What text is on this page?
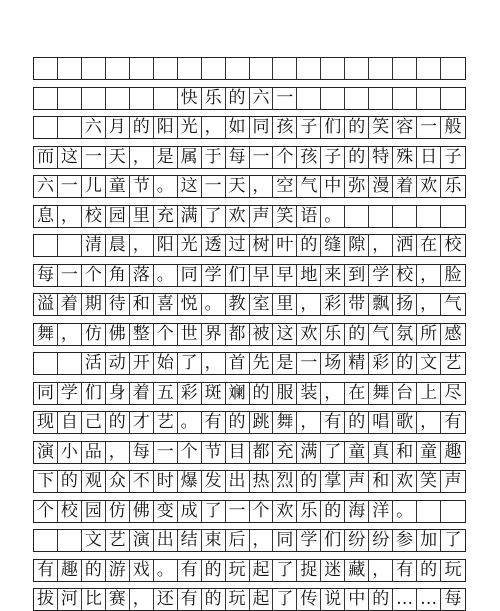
快 乐 的 六 一
六 月 的 阳 光 ， 如 同 孩 子 们 的 笑 容 一 般
而 这 一 天 ， 是 属 于 每 一 个 孩 子 的 特 殊 日 子
六 一 儿 童 节 。 这 一 天 ， 空 气 中 弥 漫 着 欢 乐
息 ， 校 园 里 充 满 了 欢 声 笑 语 。
清 晨 ， 阳 光 透 过 树 叶 的 缝 隙 ， 洒 在 校
每 一 个 角 落 。 同 学 们 早 早 地 来 到 学 校 ， 脸
溢 着 期 待 和 喜 悦 。 教 室 里 ， 彩 带 飘 扬 ， 气
舞 ， 仿 佛 整 个 世 界 都 被 这 欢 乐 的 气 氛 所 感
活 动 开 始 了 ， 首 先 是 一 场 精 彩 的 文 艺
同 学 们 身 着 五 彩 斑 斓 的 服 装 ， 在 舞 台 上 尽
现 自 己 的 才 艺 。 有 的 跳 舞 ， 有 的 唱 歌 ， 有
演 小 品 ， 每 一 个 节 目 都 充 满 了 童 真 和 童 趣
下 的 观 众 不 时 爆 发 出 热 烈 的 掌 声 和 欢 笑 声
个 校 园 仿 佛 变 成 了 一 个 欢 乐 的 海 洋 。
文 艺 演 出 结 束 后 ， 同 学 们 纷 纷 参 加 了
有 趣 的 游 戏 。 有 的 玩 起 了 捉 迷 藏 ， 有 的 玩
拔 河 比 赛 ， 还 有 的 玩 起 了 传 说 中 的 … … 每
